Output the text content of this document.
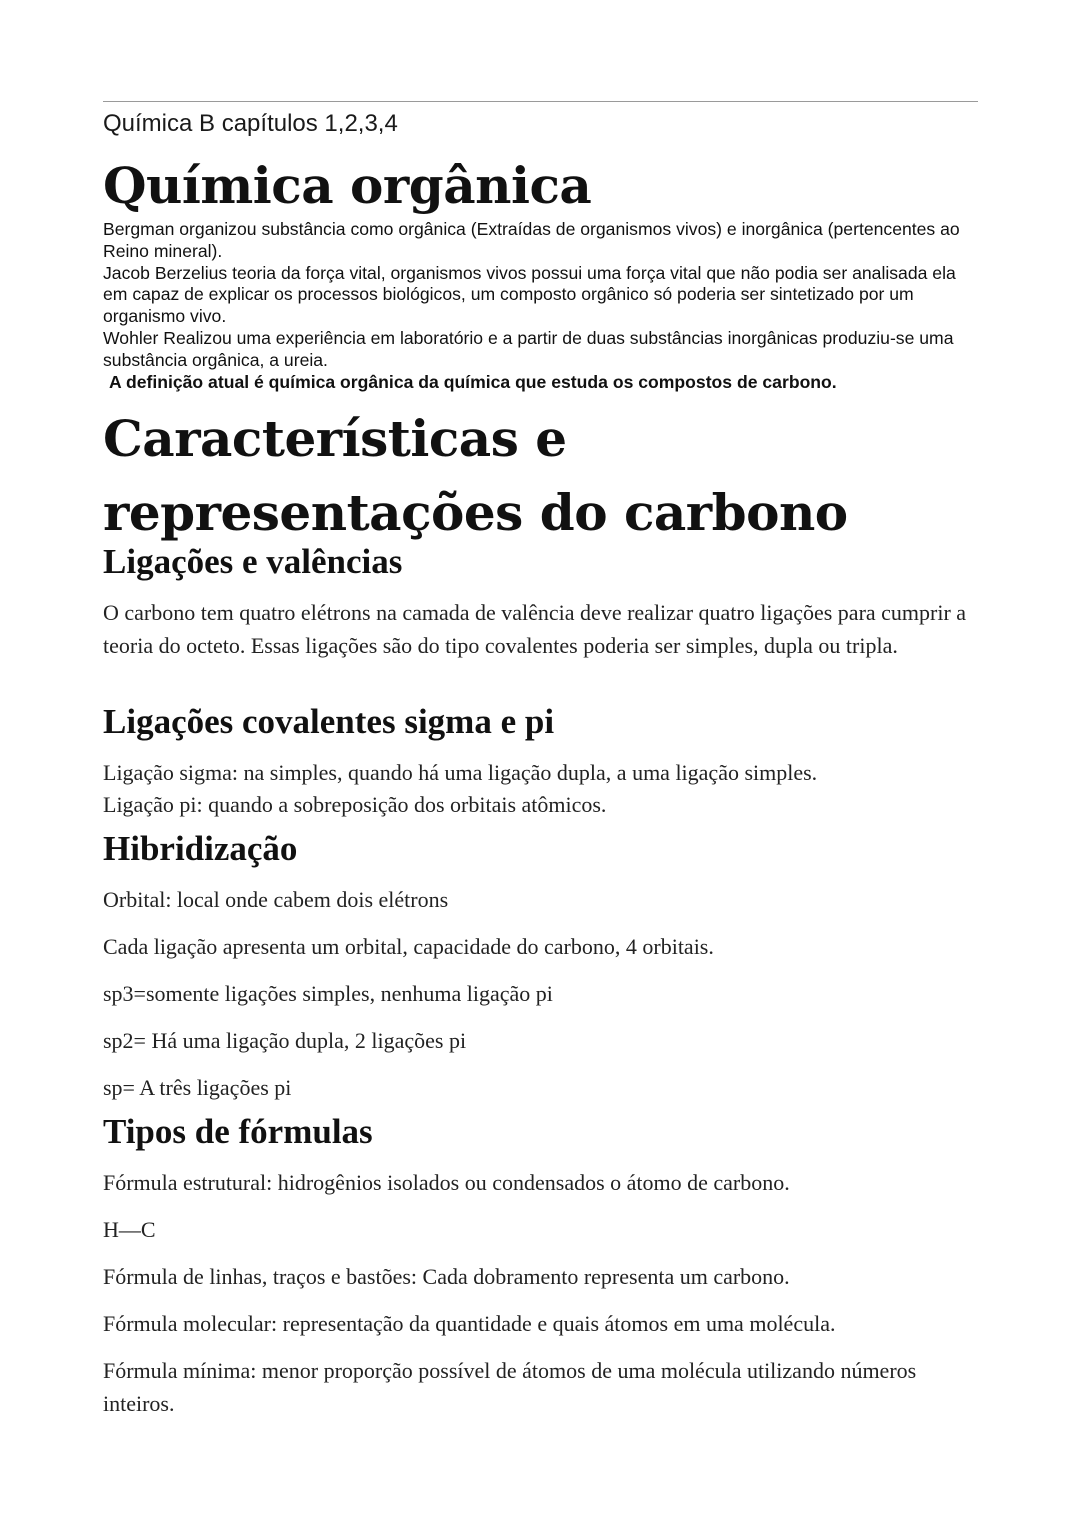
Química B capítulos 1,2,3,4
Química orgânica

Bergman organizou substância como orgânica (Extraídas de organismos vivos) e inorgânica (pertencentes ao Reino mineral).

Jacob Berzelius teoria da força vital, organismos vivos possui uma força vital que não podia ser analisada ela em capaz de explicar os processos biológicos, um composto orgânico só poderia ser sintetizado por um organismo vivo.

Wohler Realizou uma experiência em laboratório e a partir de duas substâncias inorgânicas produziu-se uma substância orgânica, a ureia.

A definição atual é química orgânica da química que estuda os compostos de carbono.

Características e representações do carbono
Ligações e valências
O carbono tem quatro elétrons na camada de valência deve realizar quatro ligações para cumprir a teoria do octeto. Essas ligações são do tipo covalentes poderia ser simples, dupla ou tripla.
Ligações covalentes sigma e pi
Ligação sigma: na simples, quando há uma ligação dupla, a uma ligação simples.
Ligação pi: quando a sobreposição dos orbitais atômicos.
Hibridização
Orbital: local onde cabem dois elétrons
Cada ligação apresenta um orbital, capacidade do carbono, 4 orbitais.
sp3=somente ligações simples, nenhuma ligação pi
sp2= Há uma ligação dupla, 2 ligações pi
sp= A três ligações pi
Tipos de fórmulas
Fórmula estrutural: hidrogênios isolados ou condensados o átomo de carbono.
H—C
Fórmula de linhas, traços e bastões: Cada dobramento representa um carbono.
Fórmula molecular: representação da quantidade e quais átomos em uma molécula.
Fórmula mínima: menor proporção possível de átomos de uma molécula utilizando números inteiros.
